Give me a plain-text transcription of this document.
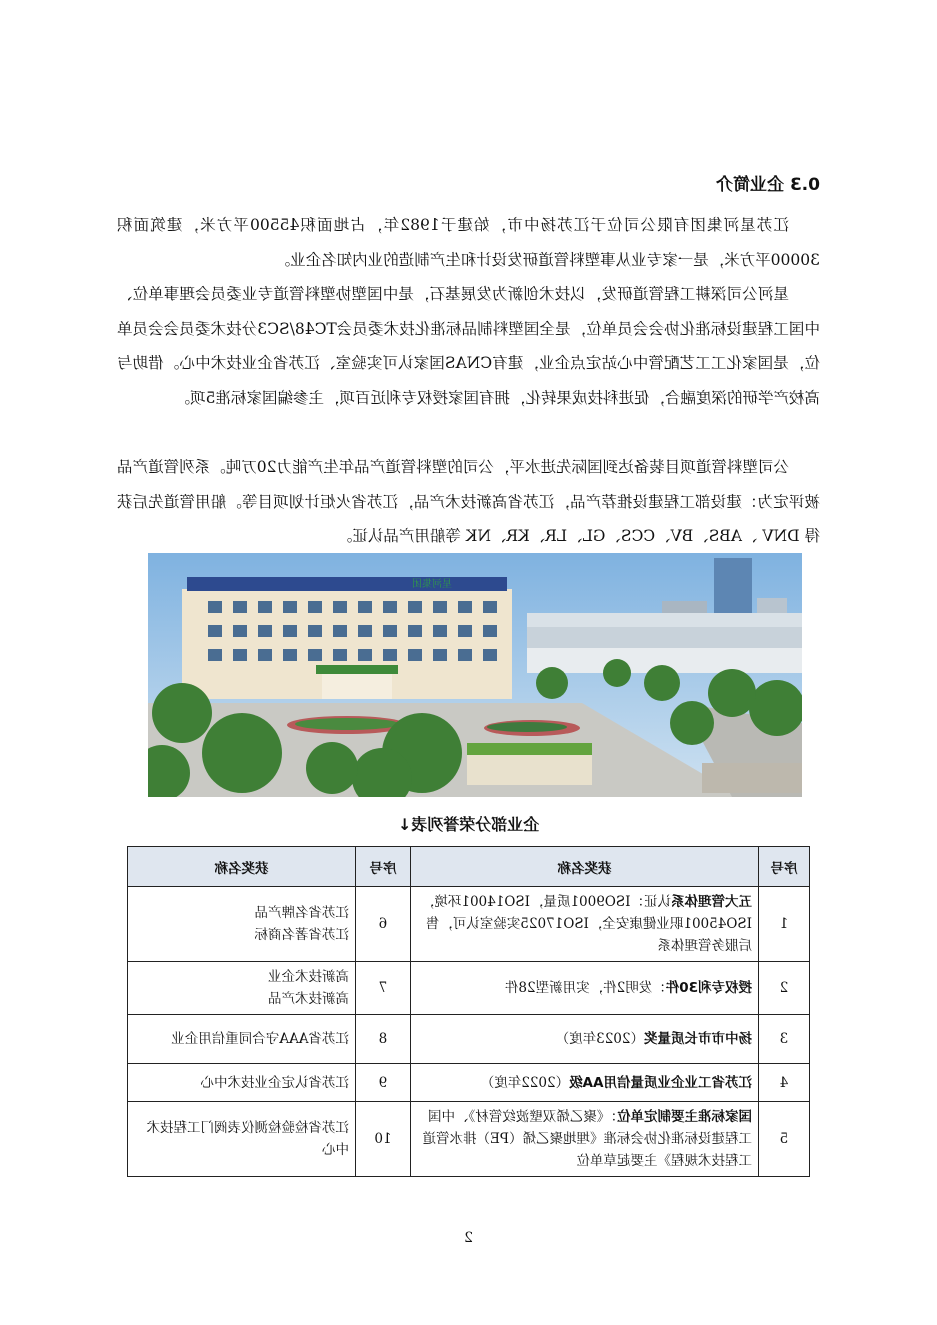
0.3 企业简介

江苏星河集团有限公司位于江苏扬中市，始建于1982年，占地面积45500平方米，建筑面积30000平方米，是一家专业从事塑料管道研发设计和生产制造的业内知名企业。

星河公司深耕工程管道研发，以技术创新为发展基石，是中国塑协塑料管道专业委员会理事单位、中国工程建设标准化协会会员单位，是全国塑料制品标准化技术委员会TC48/SC3分技术委员会会员单位，是国家化工工艺配管中心站定点企业，建有CNAS国家认可实验室、江苏省企业技术中心。借助与高校产学研的深度融合，促进科技成果转化，拥有国家授权专利近百项，主参编国家标准5项。

公司塑料管道项目装备达到国际先进水平，公司的塑料管道产品年生产能力20万吨。系列管道产品被评定为：建设部工程建设推荐产品，江苏省高新技术产品，江苏省火炬计划项目等。船用管道先后获得 DNV 、ABS、BV、CCS、GL、LR、KR、NK 等船用产品认证。

星河集团
企业部分荣誉列表↓
序号	获奖名称	序号	获奖名称
1	五大管理体系认证：ISO9001质量，ISO14001环境，ISO45001职业健康安全，ISO17025实验室认可，售后服务管理体系	6	江苏省名牌产品
江苏省著名商标

2	授权专利30件：发明2件，实用新型28件	7	高新技术企业
高新技术产品

3	扬中市市长质量奖（2023年度）	8	江苏省AAA守合同重信用企业

4	江苏省工业企业质量信用AA级（2022年度）	9	江苏省认定企业技术中心

5	国家标准主要制定单位：《聚乙烯双壁波纹管材》、中国工程建设标准化协会标准《埋地聚乙烯（PE）排水管道工程技术规程》主要起草单位	10	江苏省检验检测仪表阀门工程技术中心
2
